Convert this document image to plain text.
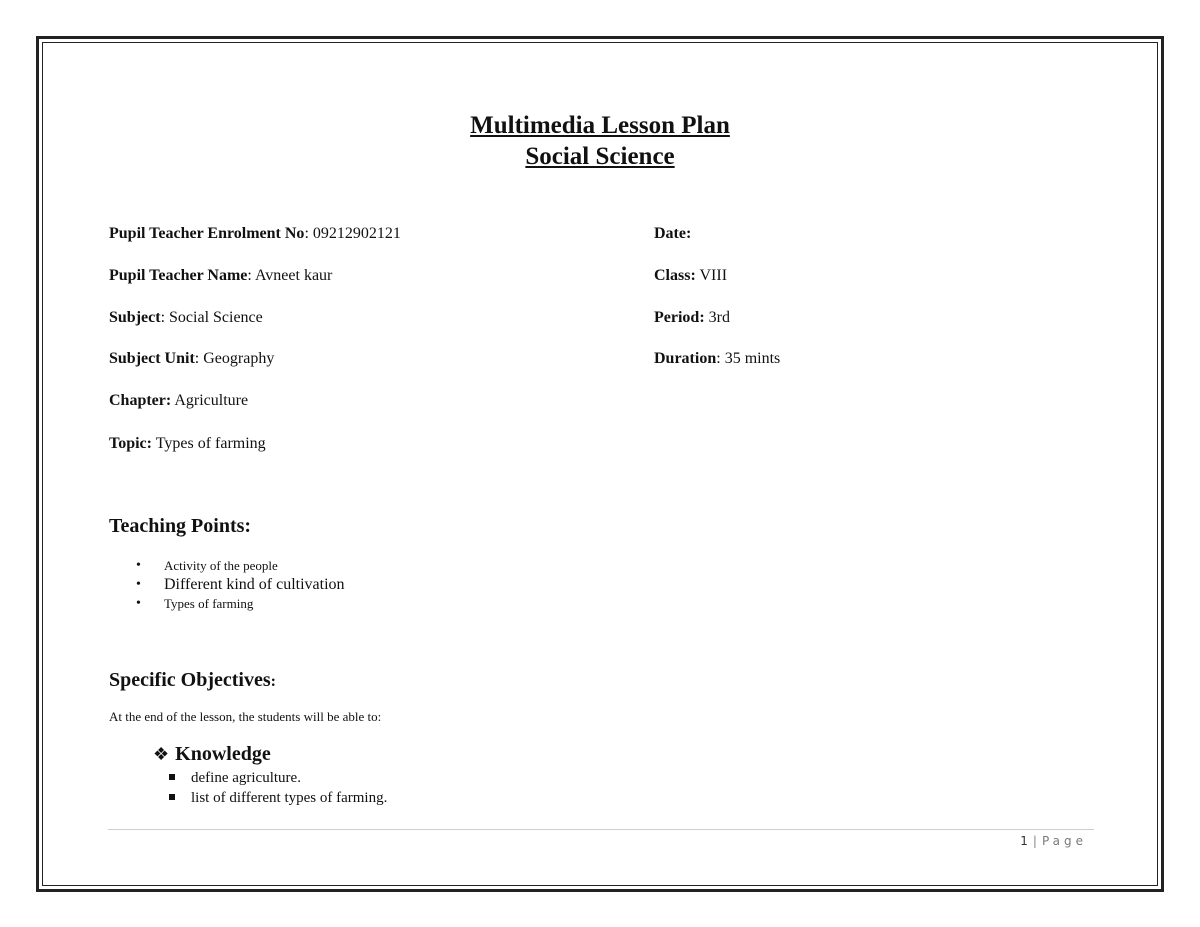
Multimedia Lesson Plan
Social Science
Pupil Teacher Enrolment No: 09212902121
Pupil Teacher Name: Avneet kaur
Subject: Social Science
Subject Unit: Geography
Chapter: Agriculture
Topic: Types of farming
Date:
Class: VIII
Period: 3rd
Duration: 35 mints
Teaching Points:
• Activity of the people
• Different kind of cultivation
• Types of farming
Specific Objectives:
At the end of the lesson, the students will be able to:
❖ Knowledge
define agriculture.
list of different types of farming.
1 | Page
